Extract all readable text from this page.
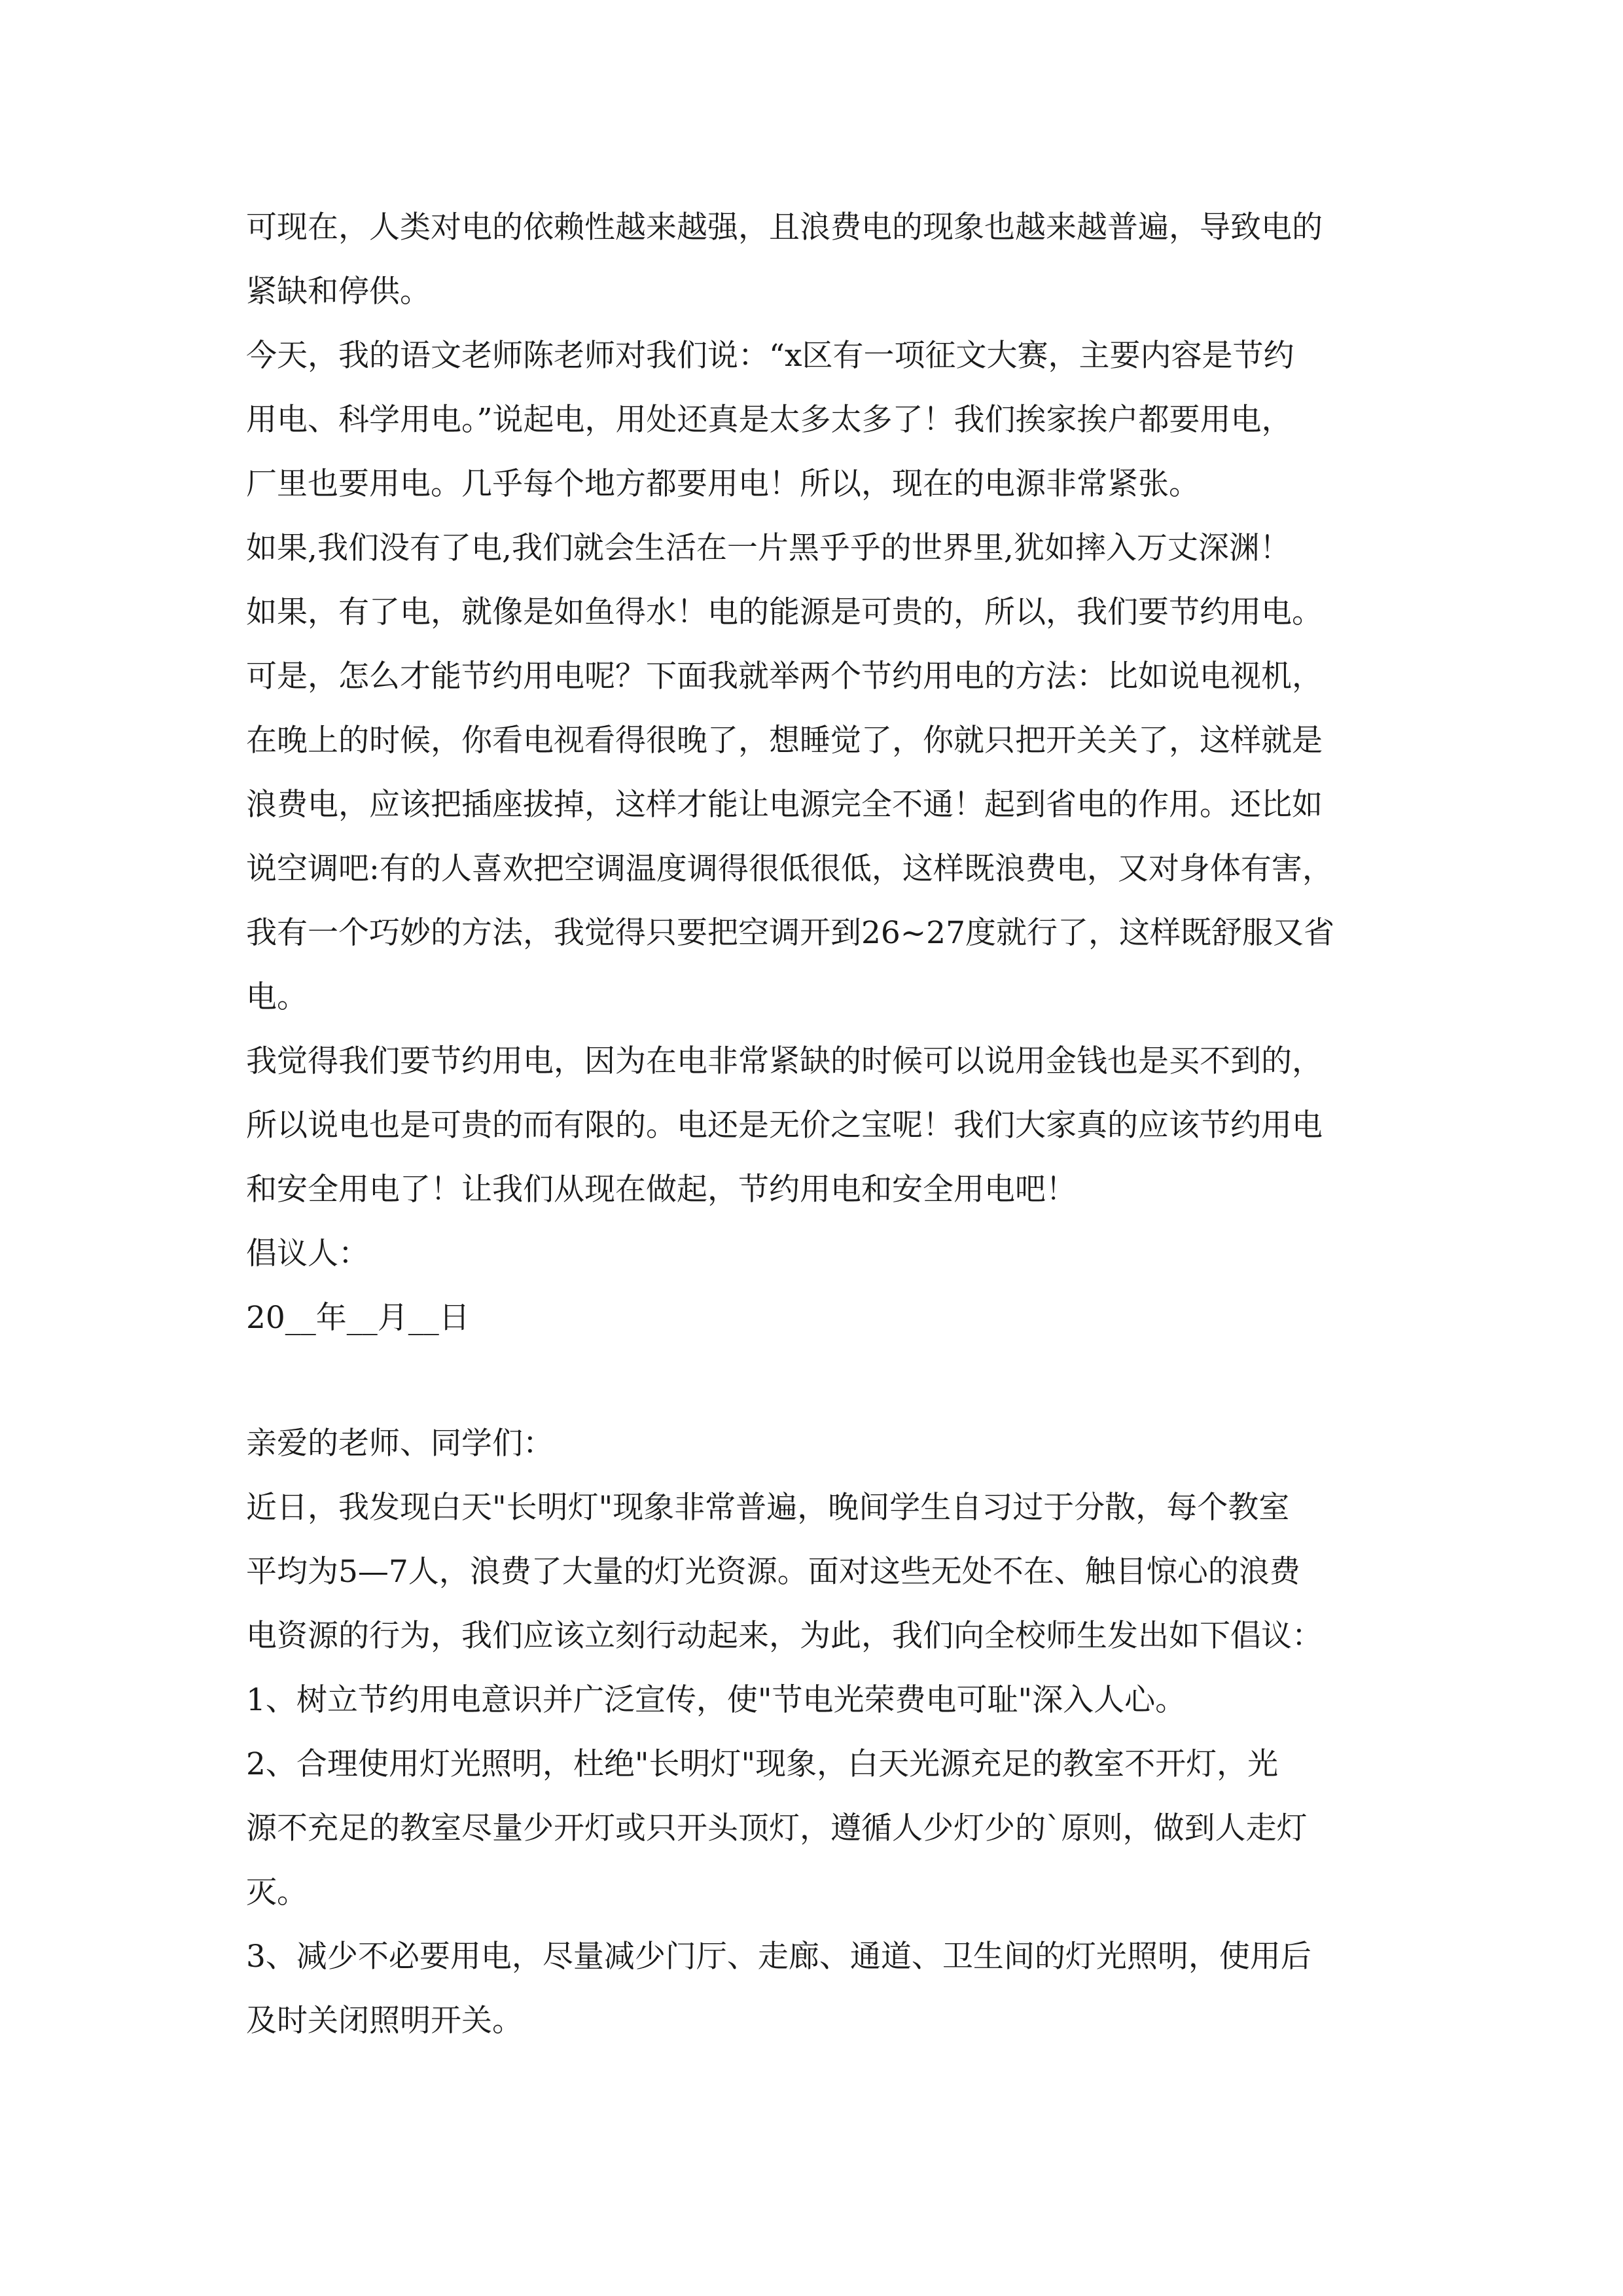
可现在，人类对电的依赖性越来越强，且浪费电的现象也越来越普遍，导致电的
紧缺和停供。
今天，我的语文老师陈老师对我们说：“x区有一项征文大赛，主要内容是节约
用电、科学用电。”说起电，用处还真是太多太多了！我们挨家挨户都要用电，
厂里也要用电。几乎每个地方都要用电！所以，现在的电源非常紧张。
如果,我们没有了电,我们就会生活在一片黑乎乎的世界里,犹如摔入万丈深渊！
如果，有了电，就像是如鱼得水！电的能源是可贵的，所以，我们要节约用电。
可是，怎么才能节约用电呢？下面我就举两个节约用电的方法：比如说电视机，
在晚上的时候，你看电视看得很晚了，想睡觉了，你就只把开关关了，这样就是
浪费电，应该把插座拔掉，这样才能让电源完全不通！起到省电的作用。还比如
说空调吧:有的人喜欢把空调温度调得很低很低，这样既浪费电，又对身体有害，
我有一个巧妙的方法，我觉得只要把空调开到26~27度就行了，这样既舒服又省
电。
我觉得我们要节约用电，因为在电非常紧缺的时候可以说用金钱也是买不到的，
所以说电也是可贵的而有限的。电还是无价之宝呢！我们大家真的应该节约用电
和安全用电了！让我们从现在做起，节约用电和安全用电吧！
倡议人：
20__年__月__日
亲爱的老师、同学们：
近日，我发现白天"长明灯"现象非常普遍，晚间学生自习过于分散，每个教室
平均为5—7人，浪费了大量的灯光资源。面对这些无处不在、触目惊心的浪费
电资源的行为，我们应该立刻行动起来，为此，我们向全校师生发出如下倡议：
1、树立节约用电意识并广泛宣传，使"节电光荣费电可耻"深入人心。
2、合理使用灯光照明，杜绝"长明灯"现象，白天光源充足的教室不开灯，光
源不充足的教室尽量少开灯或只开头顶灯，遵循人少灯少的`原则，做到人走灯
灭。
3、减少不必要用电，尽量减少门厅、走廊、通道、卫生间的灯光照明，使用后
及时关闭照明开关。
